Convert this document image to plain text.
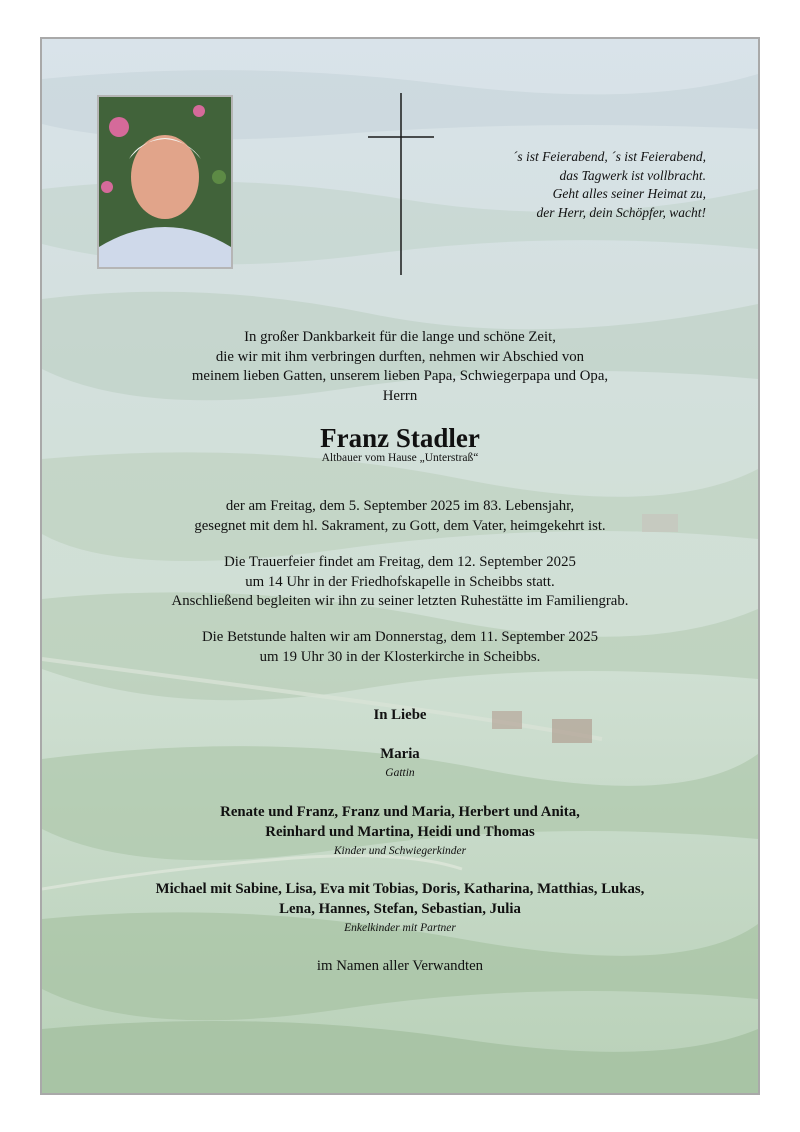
´s ist Feierabend, ´s ist Feierabend,
das Tagwerk ist vollbracht.
Geht alles seiner Heimat zu,
der Herr, dein Schöpfer, wacht!
In großer Dankbarkeit für die lange und schöne Zeit,
die wir mit ihm verbringen durften, nehmen wir Abschied von
meinem lieben Gatten, unserem lieben Papa, Schwiegerpapa und Opa,
Herrn
Franz Stadler
Altbauer vom Hause „Unterstraß“
der am Freitag, dem 5. September 2025 im 83. Lebensjahr,
gesegnet mit dem hl. Sakrament, zu Gott, dem Vater, heimgekehrt ist.
Die Trauerfeier findet am Freitag, dem 12. September 2025
um 14 Uhr in der Friedhofskapelle in Scheibbs statt.
Anschließend begleiten wir ihn zu seiner letzten Ruhestätte im Familiengrab.
Die Betstunde halten wir am Donnerstag, dem 11. September 2025
um 19 Uhr 30 in der Klosterkirche in Scheibbs.
In Liebe
Maria
Gattin
Renate und Franz, Franz und Maria, Herbert und Anita,
Reinhard und Martina, Heidi und Thomas
Kinder und Schwiegerkinder
Michael mit Sabine, Lisa, Eva mit Tobias, Doris, Katharina, Matthias, Lukas,
Lena, Hannes, Stefan, Sebastian, Julia
Enkelkinder mit Partner
im Namen aller Verwandten
